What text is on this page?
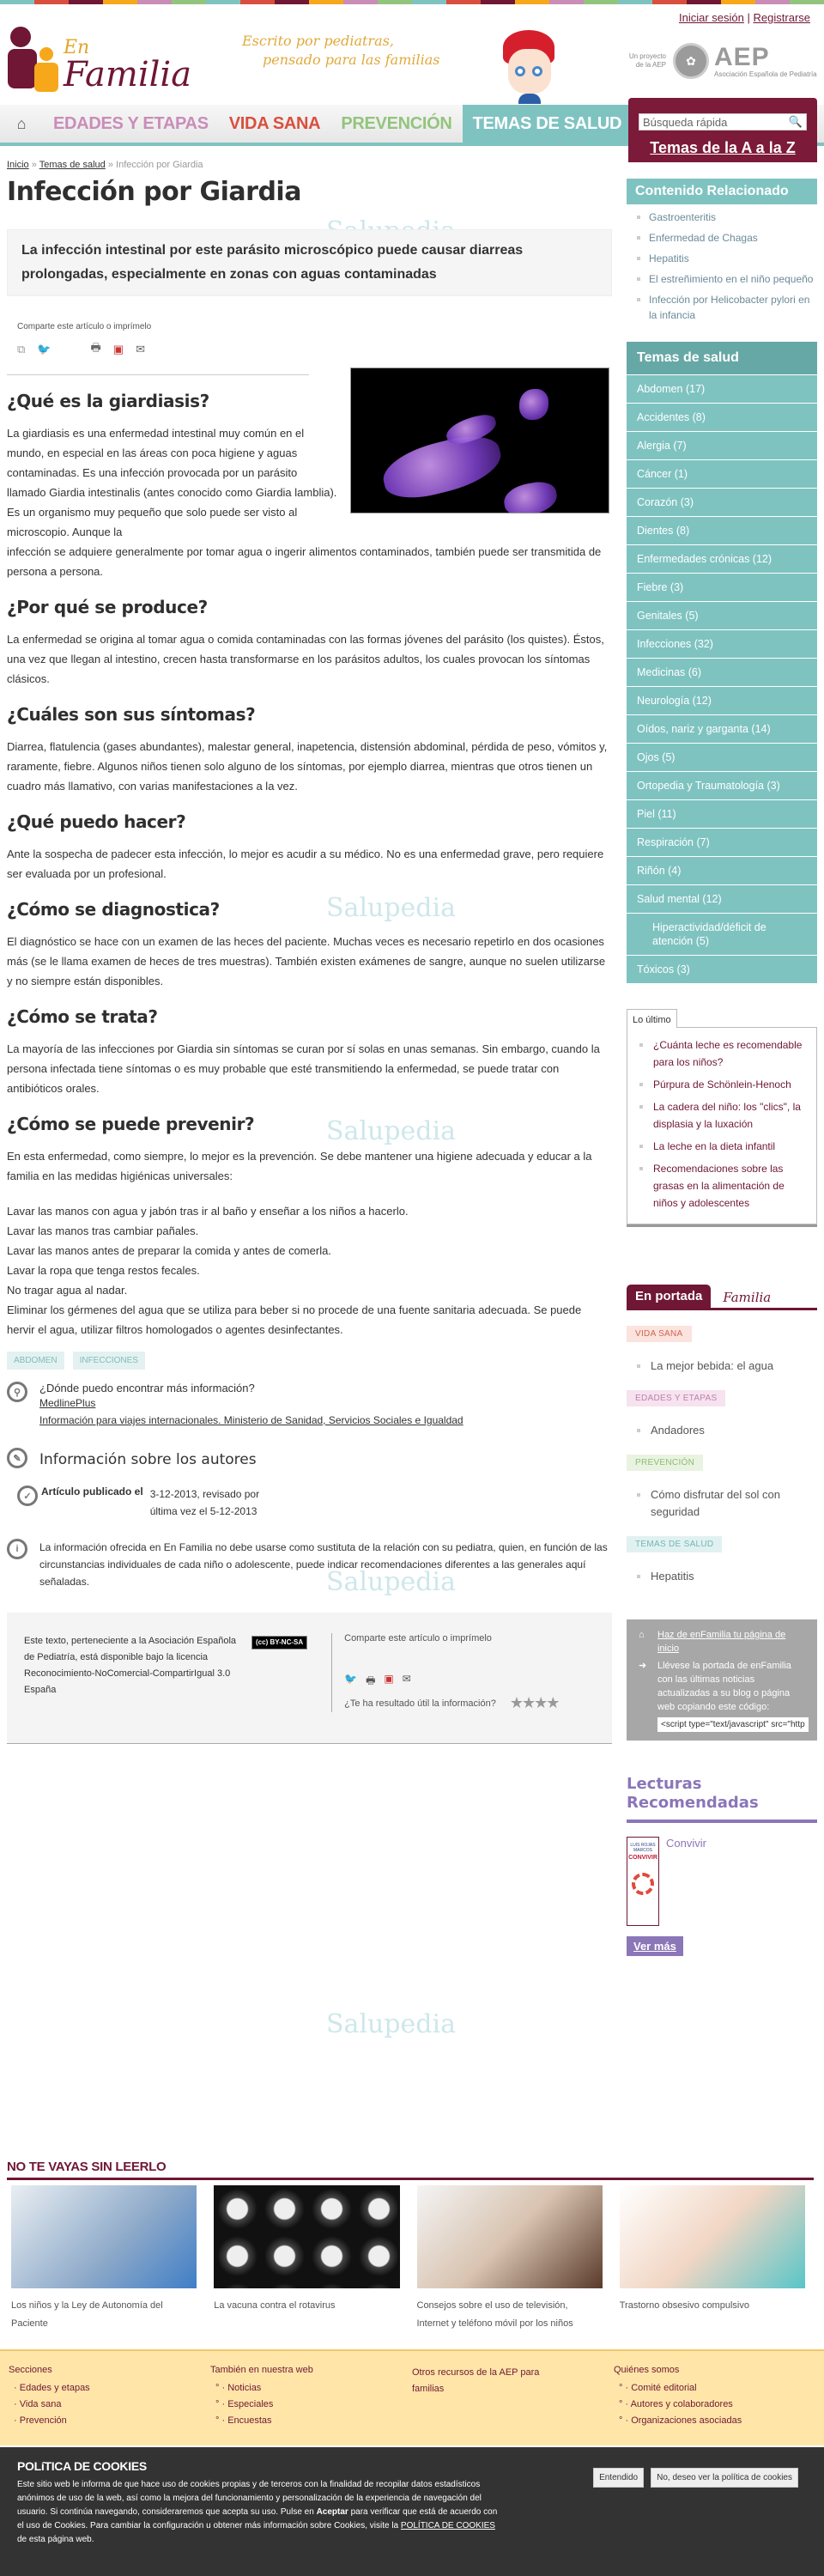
En
Familia
Escrito por pediatras,
pensado para las familias
Iniciar sesión | Registrarse
Un proyecto de la AEP	✿ AEP
Asociación Española de Pediatría
⌂	EDADES Y ETAPAS	VIDA SANA	PREVENCIÓN	TEMAS DE SALUD	Búsqueda rápida	🔍
Temas de la A a la Z
Salupedia
Salupedia
Salupedia
Salupedia
Inicio » Temas de salud » Infección por Giardia
Infección por Giardia
La infección intestinal por este parásito microscópico puede causar diarreas prolongadas, especialmente en zonas con aguas contaminadas
Comparte este artículo o imprímelo
⧉ 🐦	🖶 ▣ ✉
¿Qué es la giardiasis?

La giardiasis es una enfermedad intestinal muy común en el mundo, en especial en las áreas con poca higiene y aguas contaminadas. Es una infección provocada por un parásito llamado Giardia intestinalis (antes conocido como Giardia lamblia). Es un organismo muy pequeño que solo puede ser visto al microscopio. Aunque la

infección se adquiere generalmente por tomar agua o ingerir alimentos contaminados, también puede ser transmitida de persona a persona.

¿Por qué se produce?

La enfermedad se origina al tomar agua o comida contaminadas con las formas jóvenes del parásito (los quistes). Éstos, una vez que llegan al intestino, crecen hasta transformarse en los parásitos adultos, los cuales provocan los síntomas clásicos.

¿Cuáles son sus síntomas?

Diarrea, flatulencia (gases abundantes), malestar general, inapetencia, distensión abdominal, pérdida de peso, vómitos y, raramente, fiebre. Algunos niños tienen solo alguno de los síntomas, por ejemplo diarrea, mientras que otros tienen un cuadro más llamativo, con varias manifestaciones a la vez.

¿Qué puedo hacer?

Ante la sospecha de padecer esta infección, lo mejor es acudir a su médico. No es una enfermedad grave, pero requiere ser evaluada por un profesional.

¿Cómo se diagnostica?

El diagnóstico se hace con un examen de las heces del paciente. Muchas veces es necesario repetirlo en dos ocasiones más (se le llama examen de heces de tres muestras). También existen exámenes de sangre, aunque no suelen utilizarse y no siempre están disponibles.

¿Cómo se trata?

La mayoría de las infecciones por Giardia sin síntomas se curan por sí solas en unas semanas. Sin embargo, cuando la persona infectada tiene síntomas o es muy probable que esté transmitiendo la enfermedad, se puede tratar con antibióticos orales.

¿Cómo se puede prevenir?

En esta enfermedad, como siempre, lo mejor es la prevención. Se debe mantener una higiene adecuada y educar a la familia en las medidas higiénicas universales:

Lavar las manos con agua y jabón tras ir al baño y enseñar a los niños a hacerlo.
Lavar las manos tras cambiar pañales.
Lavar las manos antes de preparar la comida y antes de comerla.
Lavar la ropa que tenga restos fecales.
No tragar agua al nadar.
Eliminar los gérmenes del agua que se utiliza para beber si no procede de una fuente sanitaria adecuada. Se puede hervir el agua, utilizar filtros homologados o agentes desinfectantes.
ABDOMEN	INFECCIONES
⚲	¿Dónde puedo encontrar más información?
MedlinePlus
Información para viajes internacionales. Ministerio de Sanidad, Servicios Sociales e Igualdad
✎	Información sobre los autores
✓ Artículo publicado el 3-12-2013, revisado por última vez el 5-12-2013
i	La información ofrecida en En Familia no debe usarse como sustituta de la relación con su pediatra, quien, en función de las circunstancias individuales de cada niño o adolescente, puede indicar recomendaciones diferentes a las generales aquí señaladas.
Este texto, perteneciente a la Asociación Española de Pediatría, está disponible bajo la licencia Reconocimiento-NoComercial-CompartirIgual 3.0 España
(cc) BY-NC-SA	Comparte este artículo o imprímelo
🐦 🖶 ▣ ✉
¿Te ha resultado útil la información? ★★★★
Contenido Relacionado
Gastroenteritis
Enfermedad de Chagas
Hepatitis
El estreñimiento en el niño pequeño
Infección por Helicobacter pylori en la infancia
Temas de salud
Abdomen (17)
Accidentes (8)
Alergia (7)
Cáncer (1)
Corazón (3)
Dientes (8)
Enfermedades crónicas (12)
Fiebre (3)
Genitales (5)
Infecciones (32)
Medicinas (6)
Neurología (12)
Oídos, nariz y garganta (14)
Ojos (5)
Ortopedia y Traumatología (3)
Piel (11)
Respiración (7)
Riñón (4)
Salud mental (12)
Hiperactividad/déficit de atención (5)
Tóxicos (3)
Lo último
¿Cuánta leche es recomendable para los niños?
Púrpura de Schönlein-Henoch
La cadera del niño: los "clics", la displasia y la luxación
La leche en la dieta infantil
Recomendaciones sobre las grasas en la alimentación de niños y adolescentes
En portada	Familia
VIDA SANA
La mejor bebida: el agua
EDADES Y ETAPAS
Andadores
PREVENCIÓN
Cómo disfrutar del sol con seguridad
TEMAS DE SALUD
Hepatitis
⌂	Haz de enFamilia tu página de inicio
➜	Llévese la portada de enFamilia con las últimas noticias actualizadas a su blog o página web copiando este código:
<script type="text/javascript" src="http
Lecturas Recomendadas
LUIS ROJAS MARCOS
CONVIVIR
Convivir
Ver más
NO TE VAYAS SIN LEERLO
Los niños y la Ley de Autonomía del Paciente
La vacuna contra el rotavirus	Consejos sobre el uso de televisión, Internet y teléfono móvil por los niños
Trastorno obsesivo compulsivo
Secciones
· Edades y etapas
· Vida sana
· Prevención
También en nuestra web
° · Noticias
° · Especiales
° · Encuestas
Otros recursos de la AEP para familias
Quiénes somos
° · Comité editorial
° · Autores y colaboradores
° · Organizaciones asociadas
POLíTICA DE COOKIES

Este sitio web le informa de que hace uso de cookies propias y de terceros con la finalidad de recopilar datos estadísticos anónimos de uso de la web, así como la mejora del funcionamiento y personalización de la experiencia de navegación del usuario. Si continúa navegando, consideraremos que acepta su uso. Pulse en Aceptar para verificar que está de acuerdo con el uso de Cookies. Para cambiar la configuración u obtener más información sobre Cookies, visite la POLÍTICA DE COOKIES de esta página web.

Entendido	No, deseo ver la política de cookies
